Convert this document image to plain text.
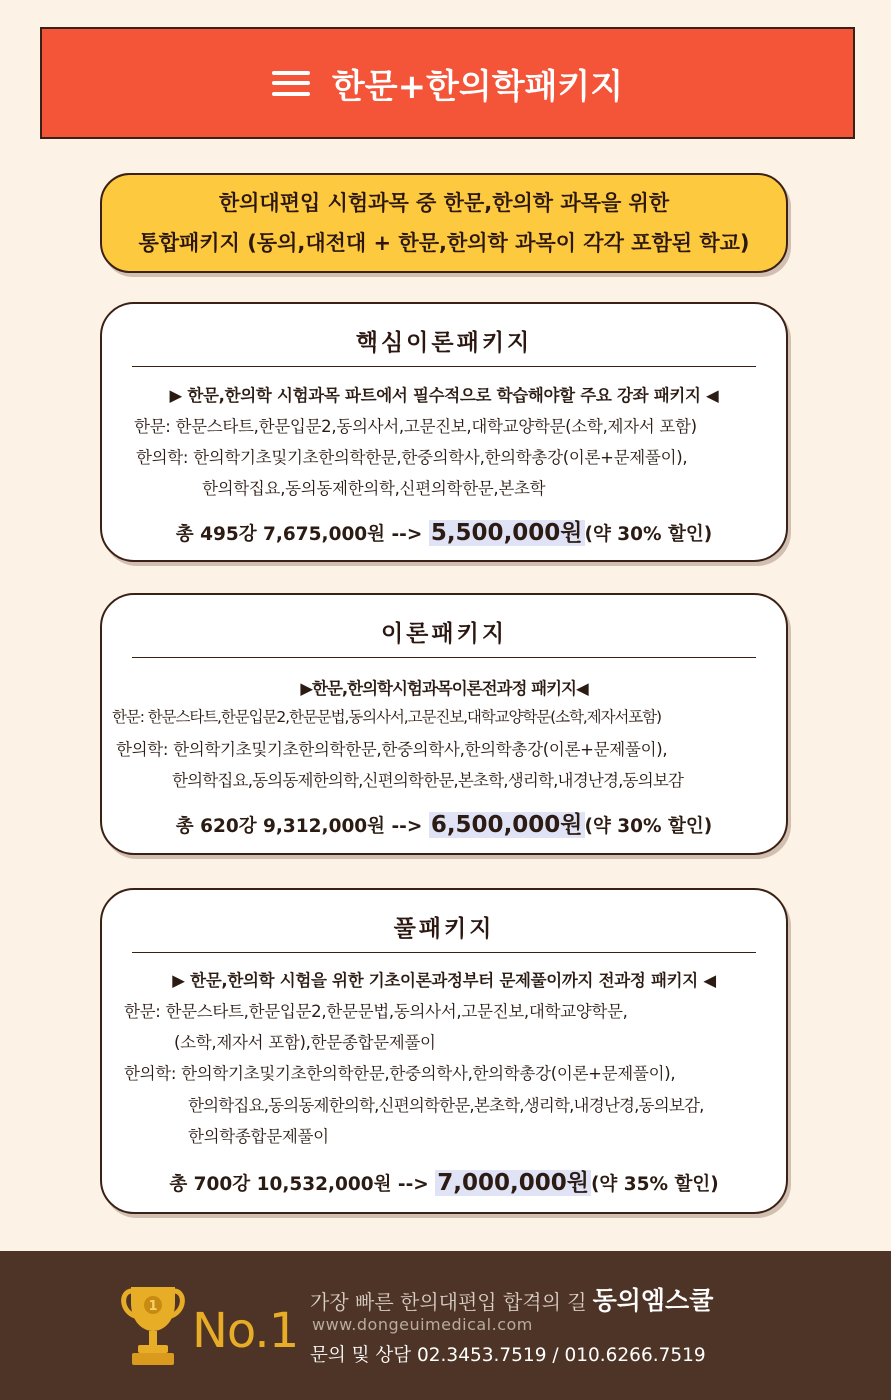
한문+한의학패키지
한의대편입 시험과목 중 한문,한의학 과목을 위한
통합패키지 (동의,대전대 + 한문,한의학 과목이 각각 포함된 학교)
핵심이론패키지
▶ 한문,한의학 시험과목 파트에서 필수적으로 학습해야할 주요 강좌 패키지 ◀
한문: 한문스타트,한문입문2,동의사서,고문진보,대학교양학문(소학,제자서 포함)
한의학: 한의학기초및기초한의학한문,한중의학사,한의학총강(이론+문제풀이),
한의학집요,동의동제한의학,신편의학한문,본초학
총 495강 7,675,000원 --> 5,500,000원 (약 30% 할인)
이론패키지
▶한문,한의학시험과목이론전과정 패키지◀
한문: 한문스타트,한문입문2,한문문법,동의사서,고문진보,대학교양학문(소학,제자서포함)
한의학: 한의학기초및기초한의학한문,한중의학사,한의학총강(이론+문제풀이),
한의학집요,동의동제한의학,신편의학한문,본초학,생리학,내경난경,동의보감
총 620강 9,312,000원 --> 6,500,000원 (약 30% 할인)
풀패키지
▶ 한문,한의학 시험을 위한 기초이론과정부터 문제풀이까지 전과정 패키지 ◀
한문: 한문스타트,한문입문2,한문문법,동의사서,고문진보,대학교양학문,
(소학,제자서 포함),한문종합문제풀이
한의학: 한의학기초및기초한의학한문,한중의학사,한의학총강(이론+문제풀이),
한의학집요,동의동제한의학,신편의학한문,본초학,생리학,내경난경,동의보감,
한의학종합문제풀이
총 700강 10,532,000원 --> 7,000,000원 (약 35% 할인)
1 No.1
가장 빠른 한의대편입 합격의 길 동의엠스쿨
www.dongeuimedical.com
문의 및 상담 02.3453.7519 / 010.6266.7519
